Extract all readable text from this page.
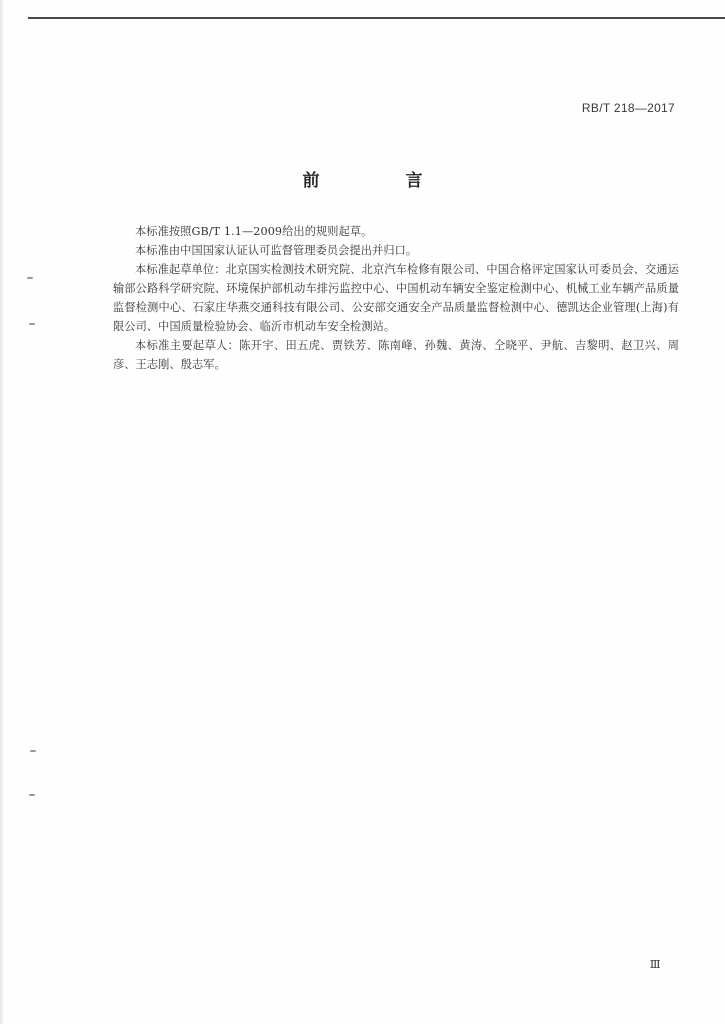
RB/T 218—2017
前 言

本标准按照GB/T 1.1—2009给出的规则起草。

本标准由中国国家认证认可监督管理委员会提出并归口。

本标准起草单位：北京国实检测技术研究院、北京汽车检修有限公司、中国合格评定国家认可委员会、交通运输部公路科学研究院、环境保护部机动车排污监控中心、中国机动车辆安全鉴定检测中心、机械工业车辆产品质量监督检测中心、石家庄华燕交通科技有限公司、公安部交通安全产品质量监督检测中心、德凯达企业管理(上海)有限公司、中国质量检验协会、临沂市机动车安全检测站。

本标准主要起草人：陈开宇、田五虎、贾铁芳、陈南峰、孙魏、黄涛、仝晓平、尹航、吉黎明、赵卫兴、周彦、王志刚、殷志军。

Ⅲ
